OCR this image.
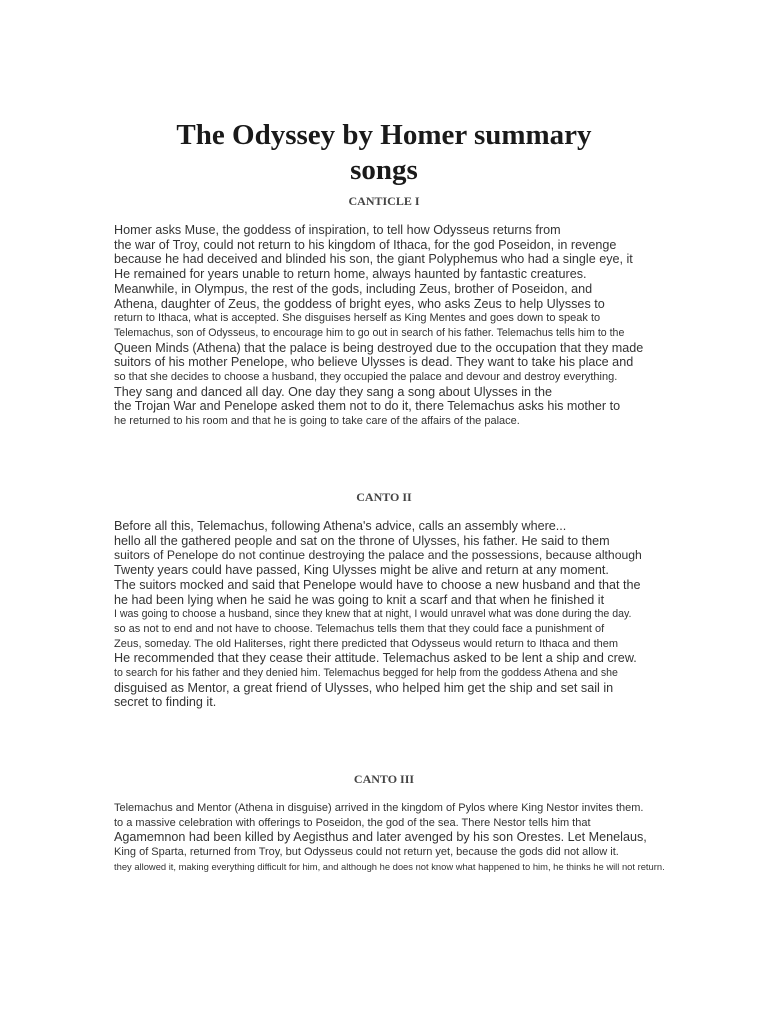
The Odyssey by Homer summary
songs
CANTICLE I
Homer asks Muse, the goddess of inspiration, to tell how Odysseus returns from
the war of Troy, could not return to his kingdom of Ithaca, for the god Poseidon, in revenge
because he had deceived and blinded his son, the giant Polyphemus who had a single eye, it
He remained for years unable to return home, always haunted by fantastic creatures.
Meanwhile, in Olympus, the rest of the gods, including Zeus, brother of Poseidon, and
Athena, daughter of Zeus, the goddess of bright eyes, who asks Zeus to help Ulysses to
return to Ithaca, what is accepted. She disguises herself as King Mentes and goes down to speak to
Telemachus, son of Odysseus, to encourage him to go out in search of his father. Telemachus tells him to the
Queen Minds (Athena) that the palace is being destroyed due to the occupation that they made
suitors of his mother Penelope, who believe Ulysses is dead. They want to take his place and
so that she decides to choose a husband, they occupied the palace and devour and destroy everything.
They sang and danced all day. One day they sang a song about Ulysses in the
the Trojan War and Penelope asked them not to do it, there Telemachus asks his mother to
he returned to his room and that he is going to take care of the affairs of the palace.
CANTO II
Before all this, Telemachus, following Athena's advice, calls an assembly where...
hello all the gathered people and sat on the throne of Ulysses, his father. He said to them
suitors of Penelope do not continue destroying the palace and the possessions, because although
Twenty years could have passed, King Ulysses might be alive and return at any moment.
The suitors mocked and said that Penelope would have to choose a new husband and that the
he had been lying when he said he was going to knit a scarf and that when he finished it
I was going to choose a husband, since they knew that at night, I would unravel what was done during the day.
so as not to end and not have to choose. Telemachus tells them that they could face a punishment of
Zeus, someday. The old Haliterses, right there predicted that Odysseus would return to Ithaca and them
He recommended that they cease their attitude. Telemachus asked to be lent a ship and crew.
to search for his father and they denied him. Telemachus begged for help from the goddess Athena and she
disguised as Mentor, a great friend of Ulysses, who helped him get the ship and set sail in
secret to finding it.
CANTO III
Telemachus and Mentor (Athena in disguise) arrived in the kingdom of Pylos where King Nestor invites them.
to a massive celebration with offerings to Poseidon, the god of the sea. There Nestor tells him that
Agamemnon had been killed by Aegisthus and later avenged by his son Orestes. Let Menelaus,
King of Sparta, returned from Troy, but Odysseus could not return yet, because the gods did not allow it.
they allowed it, making everything difficult for him, and although he does not know what happened to him, he thinks he will not return.
